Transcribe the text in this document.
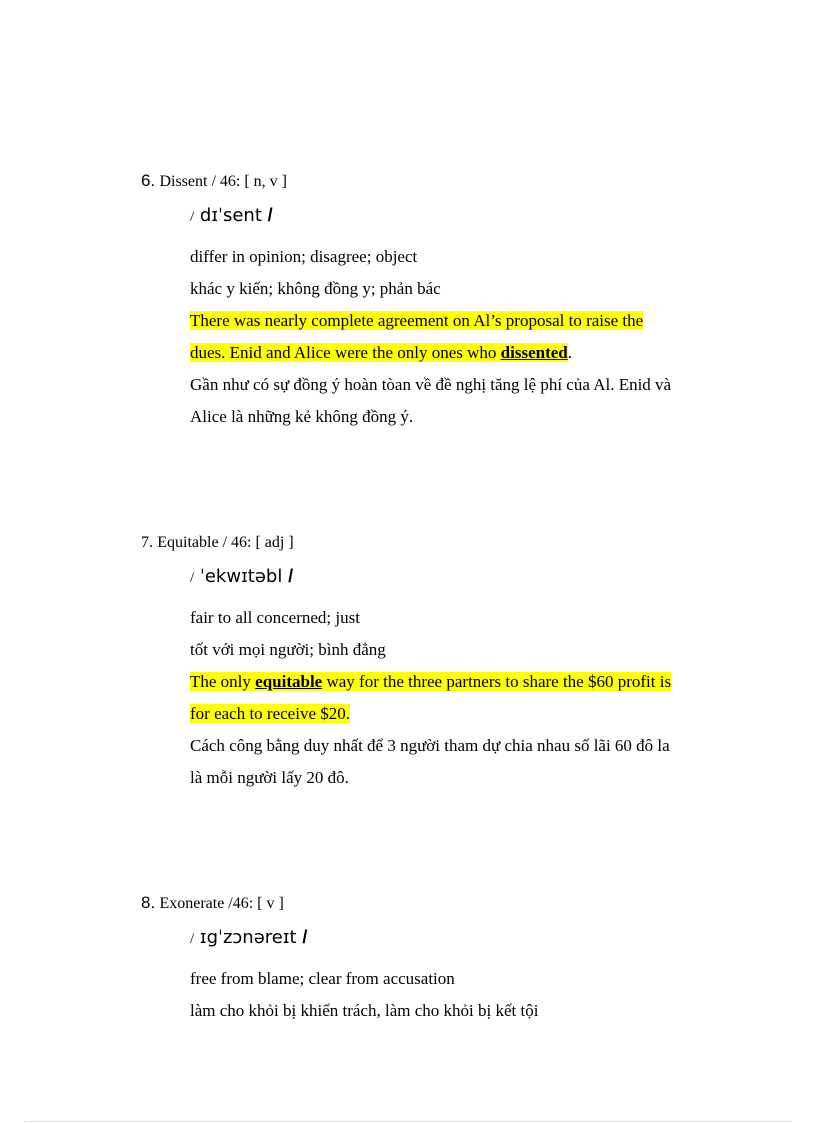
6. Dissent / 46: [ n, v ]
/ dɪˈsent /
differ in opinion; disagree; object
khác y kiến; không đồng y; phản bác
There was nearly complete agreement on Al’s proposal to raise the
dues. Enid and Alice were the only ones who dissented.
Gần như có sự đồng ý hoàn tòan về đề nghị tăng lệ phí của Al. Enid và
Alice là những kẻ không đồng ý.
7. Equitable / 46: [ adj ]
/ ˈekwɪtəbl /
fair to all concerned; just
tốt với mọi người; bình đẳng
The only equitable way for the three partners to share the $60 profit is
for each to receive $20.
Cách công bằng duy nhất để 3 người tham dự chia nhau số lãi 60 đô la
là mỗi người lấy 20 đô.
8. Exonerate /46: [ v ]
/ ɪgˈzɔnəreɪt /
free from blame; clear from accusation
làm cho khỏi bị khiển trách, làm cho khỏi bị kết tội
